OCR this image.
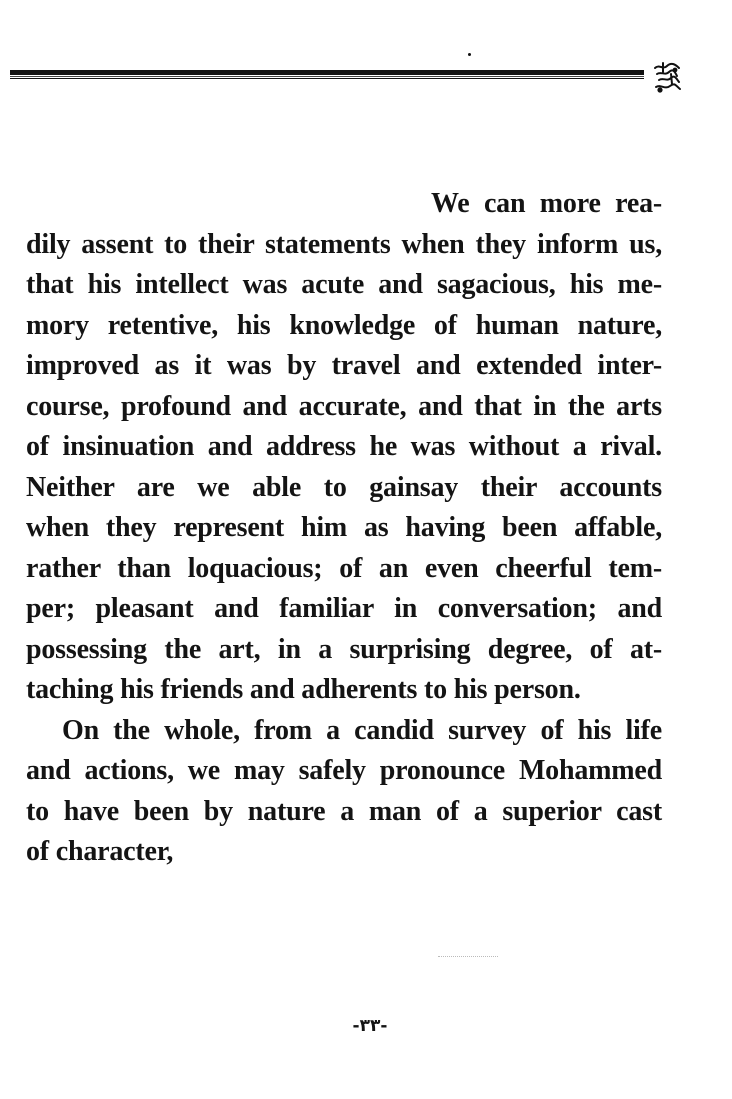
We can more rea-
dily assent to their statements when they inform us,
that his intellect was acute and sagacious, his me-
mory retentive, his knowledge of human nature,
improved as it was by travel and extended inter-
course, profound and accurate, and that in the arts
of insinuation and address he was without a rival.
Neither are we able to gainsay their accounts
when they represent him as having been affable,
rather than loquacious; of an even cheerful tem-
per; pleasant and familiar in conversation; and
possessing the art, in a surprising degree, of at-
taching his friends and adherents to his person.

On the whole, from a candid survey of his life
and actions, we may safely pronounce Mohammed
to have been by nature a man of a superior cast
of character,

-٣٣-
